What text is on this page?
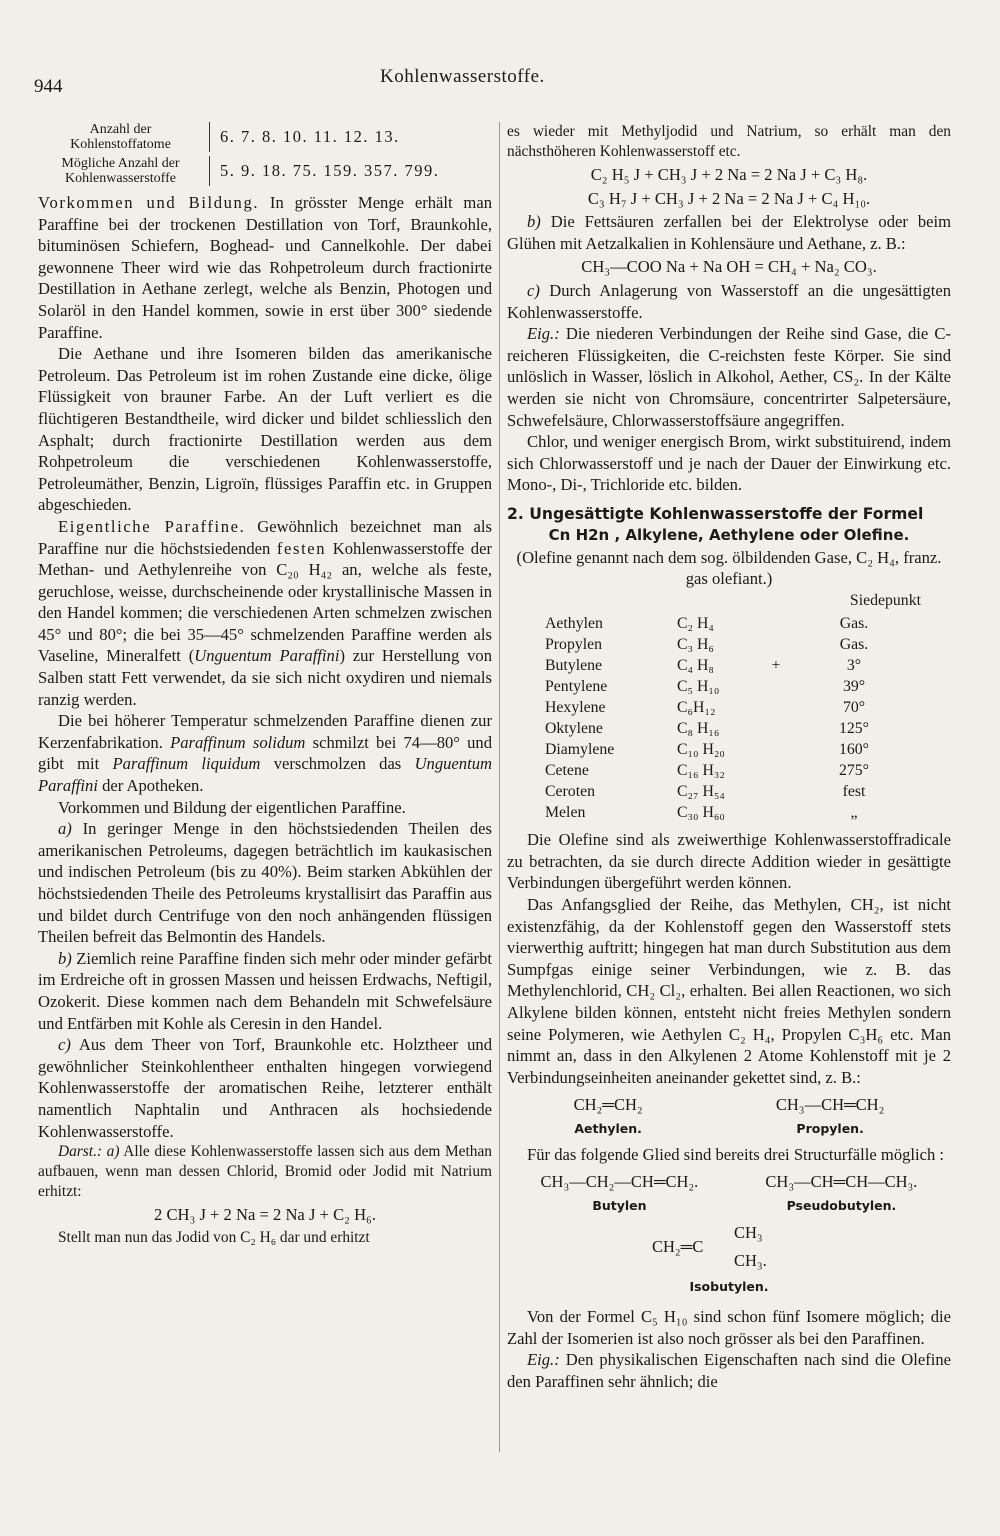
944	Kohlenwasserstoffe.
Anzahl der Kohlenstoffatome	6. 7. 8. 10. 11. 12. 13.
Mögliche Anzahl der Kohlenwasserstoffe	5. 9. 18. 75. 159. 357. 799.

Vorkommen und Bildung. In grösster Menge erhält man Paraffine bei der trockenen Destillation von Torf, Braunkohle, bituminösen Schiefern, Boghead- und Cannelkohle. Der dabei gewonnene Theer wird wie das Rohpetroleum durch fractionirte Destillation in Aethane zerlegt, welche als Benzin, Photogen und Solaröl in den Handel kommen, sowie in erst über 300° siedende Paraffine.

Die Aethane und ihre Isomeren bilden das amerikanische Petroleum. Das Petroleum ist im rohen Zustande eine dicke, ölige Flüssigkeit von brauner Farbe. An der Luft verliert es die flüchtigeren Bestandtheile, wird dicker und bildet schliesslich den Asphalt; durch fractionirte Destillation werden aus dem Rohpetroleum die verschiedenen Kohlenwasserstoffe, Petroleumäther, Benzin, Ligroïn, flüssiges Paraffin etc. in Gruppen abgeschieden.

Eigentliche Paraffine. Gewöhnlich bezeichnet man als Paraffine nur die höchstsiedenden festen Kohlenwasserstoffe der Methan- und Aethylenreihe von C₂₀ H₄₂ an, welche als feste, geruchlose, weisse, durchscheinende oder krystallinische Massen in den Handel kommen; die verschiedenen Arten schmelzen zwischen 45° und 80°; die bei 35—45° schmelzenden Paraffine werden als Vaseline, Mineralfett (Unguentum Paraffini) zur Herstellung von Salben statt Fett verwendet, da sie sich nicht oxydiren und niemals ranzig werden.

Die bei höherer Temperatur schmelzenden Paraffine dienen zur Kerzenfabrikation. Paraffinum solidum schmilzt bei 74—80° und gibt mit Paraffinum liquidum verschmolzen das Unguentum Paraffini der Apotheken.

Vorkommen und Bildung der eigentlichen Paraffine.

a) In geringer Menge in den höchstsiedenden Theilen des amerikanischen Petroleums, dagegen beträchtlich im kaukasischen und indischen Petroleum (bis zu 40%). Beim starken Abkühlen der höchstsiedenden Theile des Petroleums krystallisirt das Paraffin aus und bildet durch Centrifuge von den noch anhängenden flüssigen Theilen befreit das Belmontin des Handels.

b) Ziemlich reine Paraffine finden sich mehr oder minder gefärbt im Erdreiche oft in grossen Massen und heissen Erdwachs, Neftigil, Ozokerit. Diese kommen nach dem Behandeln mit Schwefelsäure und Entfärben mit Kohle als Ceresin in den Handel.

c) Aus dem Theer von Torf, Braunkohle etc. Holztheer und gewöhnlicher Steinkohlentheer enthalten hingegen vorwiegend Kohlenwasserstoffe der aromatischen Reihe, letzterer enthält namentlich Naphtalin und Anthracen als hochsiedende Kohlenwasserstoffe.

Darst.: a) Alle diese Kohlenwasserstoffe lassen sich aus dem Methan aufbauen, wenn man dessen Chlorid, Bromid oder Jodid mit Natrium erhitzt:

2 CH₃ J + 2 Na = 2 Na J + C₂ H₆.

Stellt man nun das Jodid von C₂ H₆ dar und erhitzt

es wieder mit Methyljodid und Natrium, so erhält man den nächsthöheren Kohlenwasserstoff etc.

C₂ H₅ J + CH₃ J + 2 Na = 2 Na J + C₃ H₈.
C₃ H₇ J + CH₃ J + 2 Na = 2 Na J + C₄ H₁₀.

b) Die Fettsäuren zerfallen bei der Elektrolyse oder beim Glühen mit Aetzalkalien in Kohlensäure und Aethane, z. B.:

CH₃—COO Na + Na OH = CH₄ + Na₂ CO₃.

c) Durch Anlagerung von Wasserstoff an die ungesättigten Kohlenwasserstoffe.

Eig.: Die niederen Verbindungen der Reihe sind Gase, die C-reicheren Flüssigkeiten, die C-reichsten feste Körper. Sie sind unlöslich in Wasser, löslich in Alkohol, Aether, CS₂. In der Kälte werden sie nicht von Chromsäure, concentrirter Salpetersäure, Schwefelsäure, Chlorwasserstoffsäure angegriffen.

Chlor, und weniger energisch Brom, wirkt substituirend, indem sich Chlorwasserstoff und je nach der Dauer der Einwirkung etc. Mono-, Di-, Trichloride etc. bilden.

2. Ungesättigte Kohlenwasserstoffe der Formel
Cn H2n , Alkylene, Aethylene oder Olefine.

(Olefine genannt nach dem sog. ölbildenden Gase, C₂ H₄, franz. gas olefiant.)

Siedepunkt
Aethylen	C₂ H₄		Gas.
Propylen	C₃ H₆		Gas.
Butylene	C₄ H₈	+	3°
Pentylene	C₅ H₁₀		39°
Hexylene	C₆H₁₂		70°
Oktylene	C₈ H₁₆		125°
Diamylene	C₁₀ H₂₀		160°
Cetene	C₁₆ H₃₂		275°
Ceroten	C₂₇ H₅₄		fest
Melen	C₃₀ H₆₀		„

Die Olefine sind als zweiwerthige Kohlenwasserstoffradicale zu betrachten, da sie durch directe Addition wieder in gesättigte Verbindungen übergeführt werden können.

Das Anfangsglied der Reihe, das Methylen, CH₂, ist nicht existenzfähig, da der Kohlenstoff gegen den Wasserstoff stets vierwerthig auftritt; hingegen hat man durch Substitution aus dem Sumpfgas einige seiner Verbindungen, wie z. B. das Methylenchlorid, CH₂ Cl₂, erhalten. Bei allen Reactionen, wo sich Alkylene bilden können, entsteht nicht freies Methylen sondern seine Polymeren, wie Aethylen C₂ H₄, Propylen C₃H₆ etc. Man nimmt an, dass in den Alkylenen 2 Atome Kohlenstoff mit je 2 Verbindungseinheiten aneinander gekettet sind, z. B.:

CH₂═CH₂
Aethylen.
CH₃—CH═CH₂
Propylen.

Für das folgende Glied sind bereits drei Structurfälle möglich :

CH₃—CH₂—CH═CH₂.
Butylen
CH₃—CH═CH—CH₃.
Pseudobutylen.
CH₃
CH₂═C
CH₃.
Isobutylen.

Von der Formel C₅ H₁₀ sind schon fünf Isomere möglich; die Zahl der Isomerien ist also noch grösser als bei den Paraffinen.

Eig.: Den physikalischen Eigenschaften nach sind die Olefine den Paraffinen sehr ähnlich; die
